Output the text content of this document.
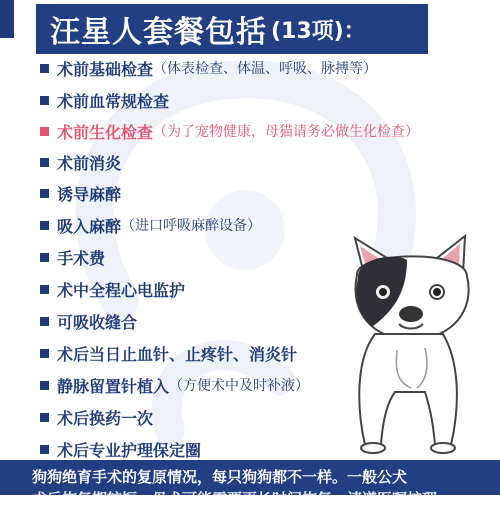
汪星人套餐包括 (13项)：
术前基础检查 （体表检查、体温、呼吸、脉搏等）
术前血常规检查
术前生化检查 （为了宠物健康，母猫请务必做生化检查）
术前消炎
诱导麻醉
吸入麻醉 （进口呼吸麻醉设备）
手术费
术中全程心电监护
可吸收缝合
术后当日止血针、止疼针、消炎针
静脉留置针植入 （方便术中及时补液）
术后换药一次
术后专业护理保定圈
狗狗绝育手术的复原情况，每只狗狗都不一样。一般公犬
术后恢复期较短，母犬可能需要更长时间恢复，请遵医嘱护理
